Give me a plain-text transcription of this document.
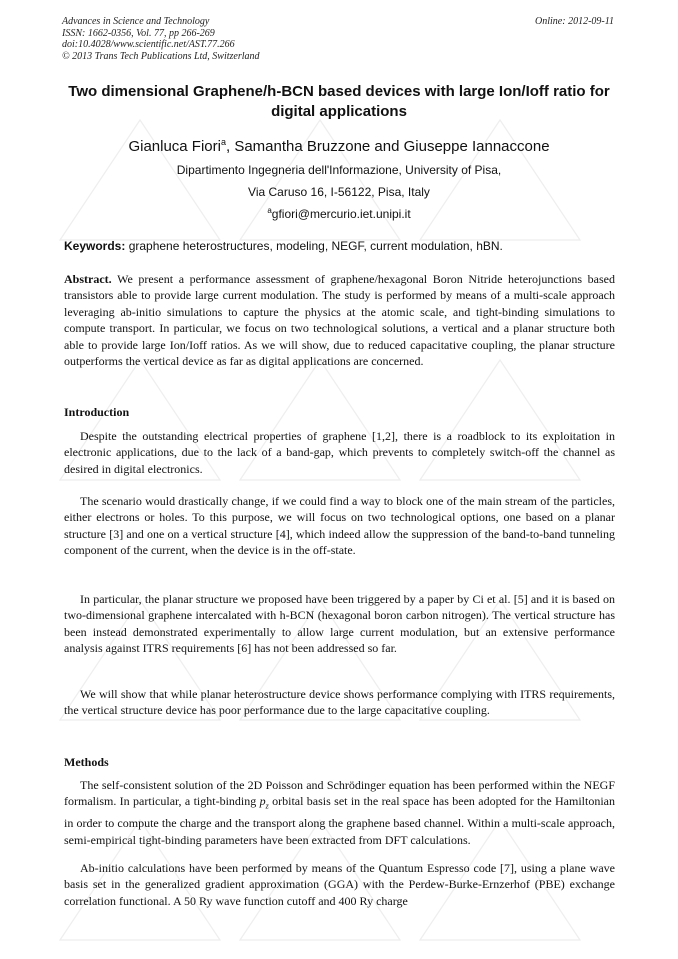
Advances in Science and Technology
ISSN: 1662-0356, Vol. 77, pp 266-269
doi:10.4028/www.scientific.net/AST.77.266
© 2013 Trans Tech Publications Ltd, Switzerland
Online: 2012-09-11
Two dimensional Graphene/h-BCN based devices with large Ion/Ioff ratio for digital applications
Gianluca Fiori$^a$, Samantha Bruzzone and Giuseppe Iannaccone
Dipartimento Ingegneria dell'Informazione, University of Pisa,
Via Caruso 16, I-56122, Pisa, Italy
$^a$gfiori@mercurio.iet.unipi.it
Keywords: graphene heterostructures, modeling, NEGF, current modulation, hBN.

Abstract. We present a performance assessment of graphene/hexagonal Boron Nitride heterojunctions based transistors able to provide large current modulation. The study is performed by means of a multi-scale approach leveraging ab-initio simulations to capture the physics at the atomic scale, and tight-binding simulations to compute transport. In particular, we focus on two technological solutions, a vertical and a planar structure both able to provide large Ion/Ioff ratios. As we will show, due to reduced capacitative coupling, the planar structure outperforms the vertical device as far as digital applications are concerned.

Introduction

Despite the outstanding electrical properties of graphene [1,2], there is a roadblock to its exploitation in electronic applications, due to the lack of a band-gap, which prevents to completely switch-off the channel as desired in digital electronics.

The scenario would drastically change, if we could find a way to block one of the main stream of the particles, either electrons or holes. To this purpose, we will focus on two technological options, one based on a planar structure [3] and one on a vertical structure [4], which indeed allow the suppression of the band-to-band tunneling component of the current, when the device is in the off-state.

In particular, the planar structure we proposed have been triggered by a paper by Ci et al. [5] and it is based on two-dimensional graphene intercalated with h-BCN (hexagonal boron carbon nitrogen). The vertical structure has been instead demonstrated experimentally to allow large current modulation, but an extensive performance analysis against ITRS requirements [6] has not been addressed so far.

We will show that while planar heterostructure device shows performance complying with ITRS requirements, the vertical structure device has poor performance due to the large capacitative coupling.

Methods

The self-consistent solution of the 2D Poisson and Schrödinger equation has been performed within the NEGF formalism. In particular, a tight-binding $p_z$ orbital basis set in the real space has been adopted for the Hamiltonian in order to compute the charge and the transport along the graphene based channel. Within a multi-scale approach, semi-empirical tight-binding parameters have been extracted from DFT calculations.

Ab-initio calculations have been performed by means of the Quantum Espresso code [7], using a plane wave basis set in the generalized gradient approximation (GGA) with the Perdew-Burke-Ernzerhof (PBE) exchange correlation functional. A 50 Ry wave function cutoff and 400 Ry charge
